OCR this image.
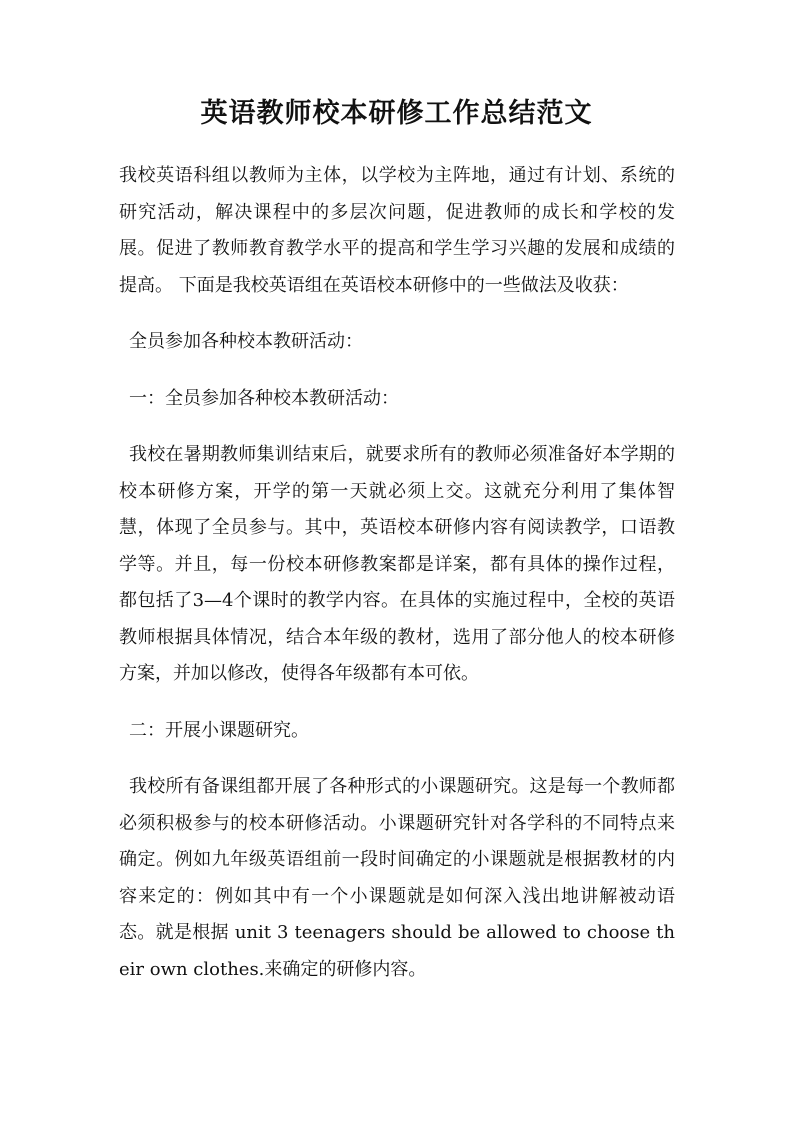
英语教师校本研修工作总结范文

我校英语科组以教师为主体，以学校为主阵地，通过有计划、系统的研究活动，解决课程中的多层次问题，促进教师的成长和学校的发展。促进了教师教育教学水平的提高和学生学习兴趣的发展和成绩的提高。 下面是我校英语组在英语校本研修中的一些做法及收获：

全员参加各种校本教研活动：

一：全员参加各种校本教研活动：

我校在暑期教师集训结束后，就要求所有的教师必须准备好本学期的校本研修方案，开学的第一天就必须上交。这就充分利用了集体智慧，体现了全员参与。其中，英语校本研修内容有阅读教学，口语教学等。并且，每一份校本研修教案都是详案，都有具体的操作过程，都包括了3—4个课时的教学内容。在具体的实施过程中，全校的英语教师根据具体情况，结合本年级的教材，选用了部分他人的校本研修方案，并加以修改，使得各年级都有本可依。

二：开展小课题研究。

我校所有备课组都开展了各种形式的小课题研究。这是每一个教师都必须积极参与的校本研修活动。小课题研究针对各学科的不同特点来确定。例如九年级英语组前一段时间确定的小课题就是根据教材的内容来定的：例如其中有一个小课题就是如何深入浅出地讲解被动语态。就是根据 unit 3 teenagers should be allowed to choose their own clothes.来确定的研修内容。
